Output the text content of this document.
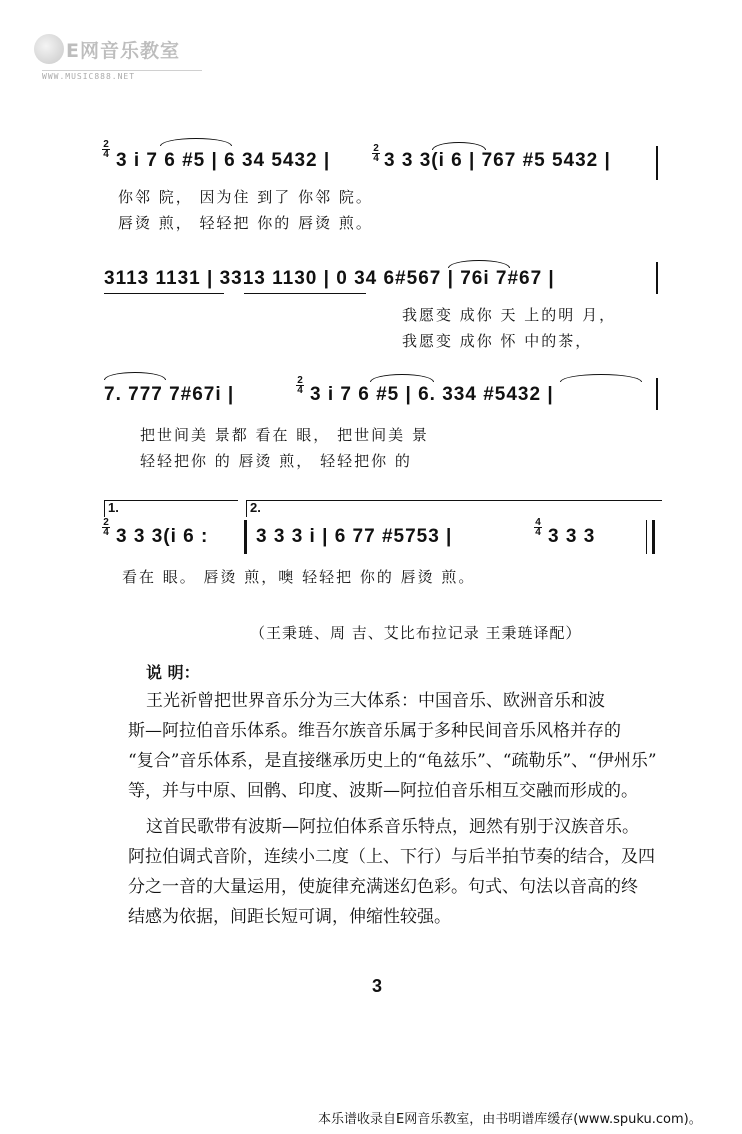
E网音乐教室
WWW.MUSIC888.NET
2
4 3 i 7 6 #5 | 6 34 5432 |
2
4 3 3 3(i 6 | 767 #5 5432 |
你邻 院， 因为住 到了 你邻 院。
唇烫 煎， 轻轻把 你的 唇烫 煎。
3113 1131 | 3313 1130 | 0 34 6#567 | 76i 7#67 |
我愿变 成你 天 上的明 月，
我愿变 成你 怀 中的茶，
7. 777 7#67i |
2
4 3 i 7 6 #5 | 6. 334 #5432 |
把世间美 景都 看在 眼， 把世间美 景
轻轻把你 的 唇烫 煎， 轻轻把你 的
1.	2.
2
4 3 3 3(i 6 :	3 3 3 i | 6 77 #5753 |
4
4 3 3 3
看在 眼。 唇烫 煎，噢 轻轻把 你的 唇烫 煎。
（王秉琏、周 吉、艾比布拉记录 王秉琏译配）
说 明：
王光祈曾把世界音乐分为三大体系：中国音乐、欧洲音乐和波
斯—阿拉伯音乐体系。维吾尔族音乐属于多种民间音乐风格并存的
“复合”音乐体系，是直接继承历史上的“龟兹乐”、“疏勒乐”、“伊州乐”
等，并与中原、回鹘、印度、波斯—阿拉伯音乐相互交融而形成的。
这首民歌带有波斯—阿拉伯体系音乐特点，迥然有别于汉族音乐。
阿拉伯调式音阶，连续小二度（上、下行）与后半拍节奏的结合，及四
分之一音的大量运用，使旋律充满迷幻色彩。句式、句法以音高的终
结感为依据，间距长短可调，伸缩性较强。
3
本乐谱收录自E网音乐教室，由书明谱库缓存(www.spuku.com)。
